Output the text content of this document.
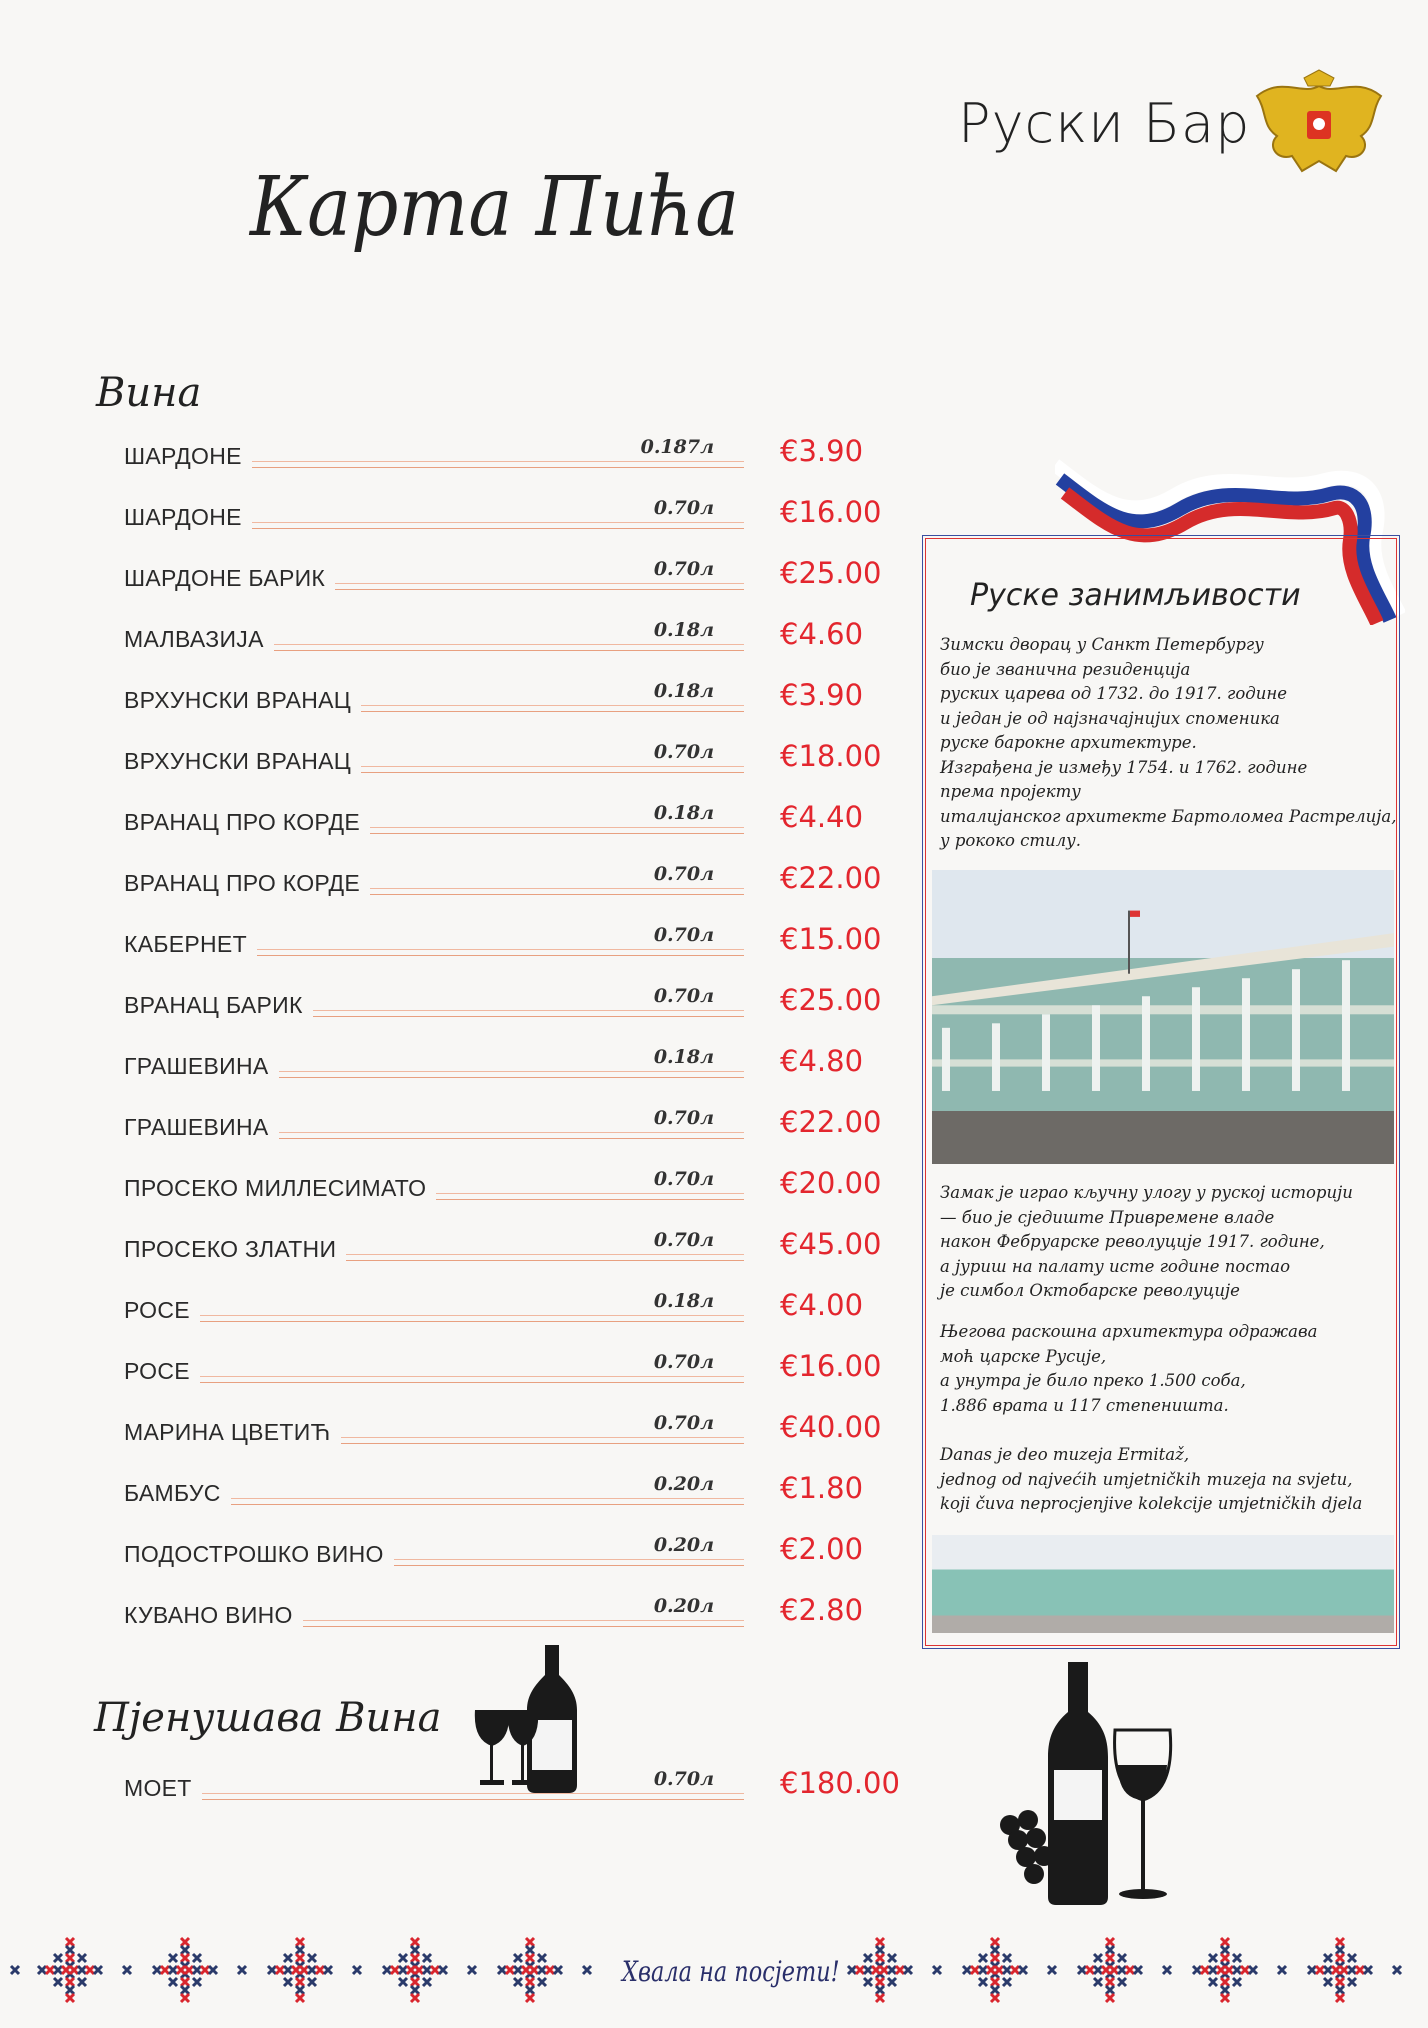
Руски Бар
Карта Пића
Вина
Пјенушава Вина
Руске занимљивости
Зимски дворац у Санкт Петербургу
био је званична резиденција
руских царева од 1732. до 1917. године
и један је од најзначајнијих споменика
руске барокне архитектуре.
Изграђена је између 1754. и 1762. године
према пројекту
италијанског архитекте Бартоломеа Растрелија,
у рококо стилу.
Замак је играо кључну улогу у руској историји
— био је сједиште Привремене владе
након Фебруарске револуције 1917. године,
а јуриш на палату исте године постао
је симбол Октобарске револуције
Његова раскошна архитектура одражава
моћ царске Русије,
а унутра је било преко 1.500 соба,
1.886 врата и 117 степеништа.
Danas je deo muzeja Ermitaž,
jednog od najvećih umjetničkih muzeja na svjetu,
koji čuva neprocjenjive kolekcije umjetničkih djela
Хвала на посјети!
ШАРДОНЕ	0.187л €3.90
ШАРДОНЕ	0.70л €16.00
ШАРДОНЕ БАРИК	0.70л €25.00
МАЛВАЗИЈА	0.18л €4.60
ВРХУНСКИ ВРАНАЦ	0.18л €3.90
ВРХУНСКИ ВРАНАЦ	0.70л €18.00
ВРАНАЦ ПРО КОРДЕ	0.18л €4.40
ВРАНАЦ ПРО КОРДЕ	0.70л €22.00
КАБЕРНЕТ	0.70л €15.00
ВРАНАЦ БАРИК	0.70л €25.00
ГРАШЕВИНА	0.18л €4.80
ГРАШЕВИНА	0.70л €22.00
ПРОСЕКО МИЛЛЕСИМАТО	0.70л €20.00
ПРОСЕКО ЗЛАТНИ	0.70л €45.00
РОСЕ	0.18л €4.00
РОСЕ	0.70л €16.00
МАРИНА ЦВЕТИЋ	0.70л €40.00
БАМБУС	0.20л €1.80
ПОДОСТРОШКО ВИНО	0.20л €2.00
КУВАНО ВИНО	0.20л €2.80
МОЕТ	0.70л €180.00
